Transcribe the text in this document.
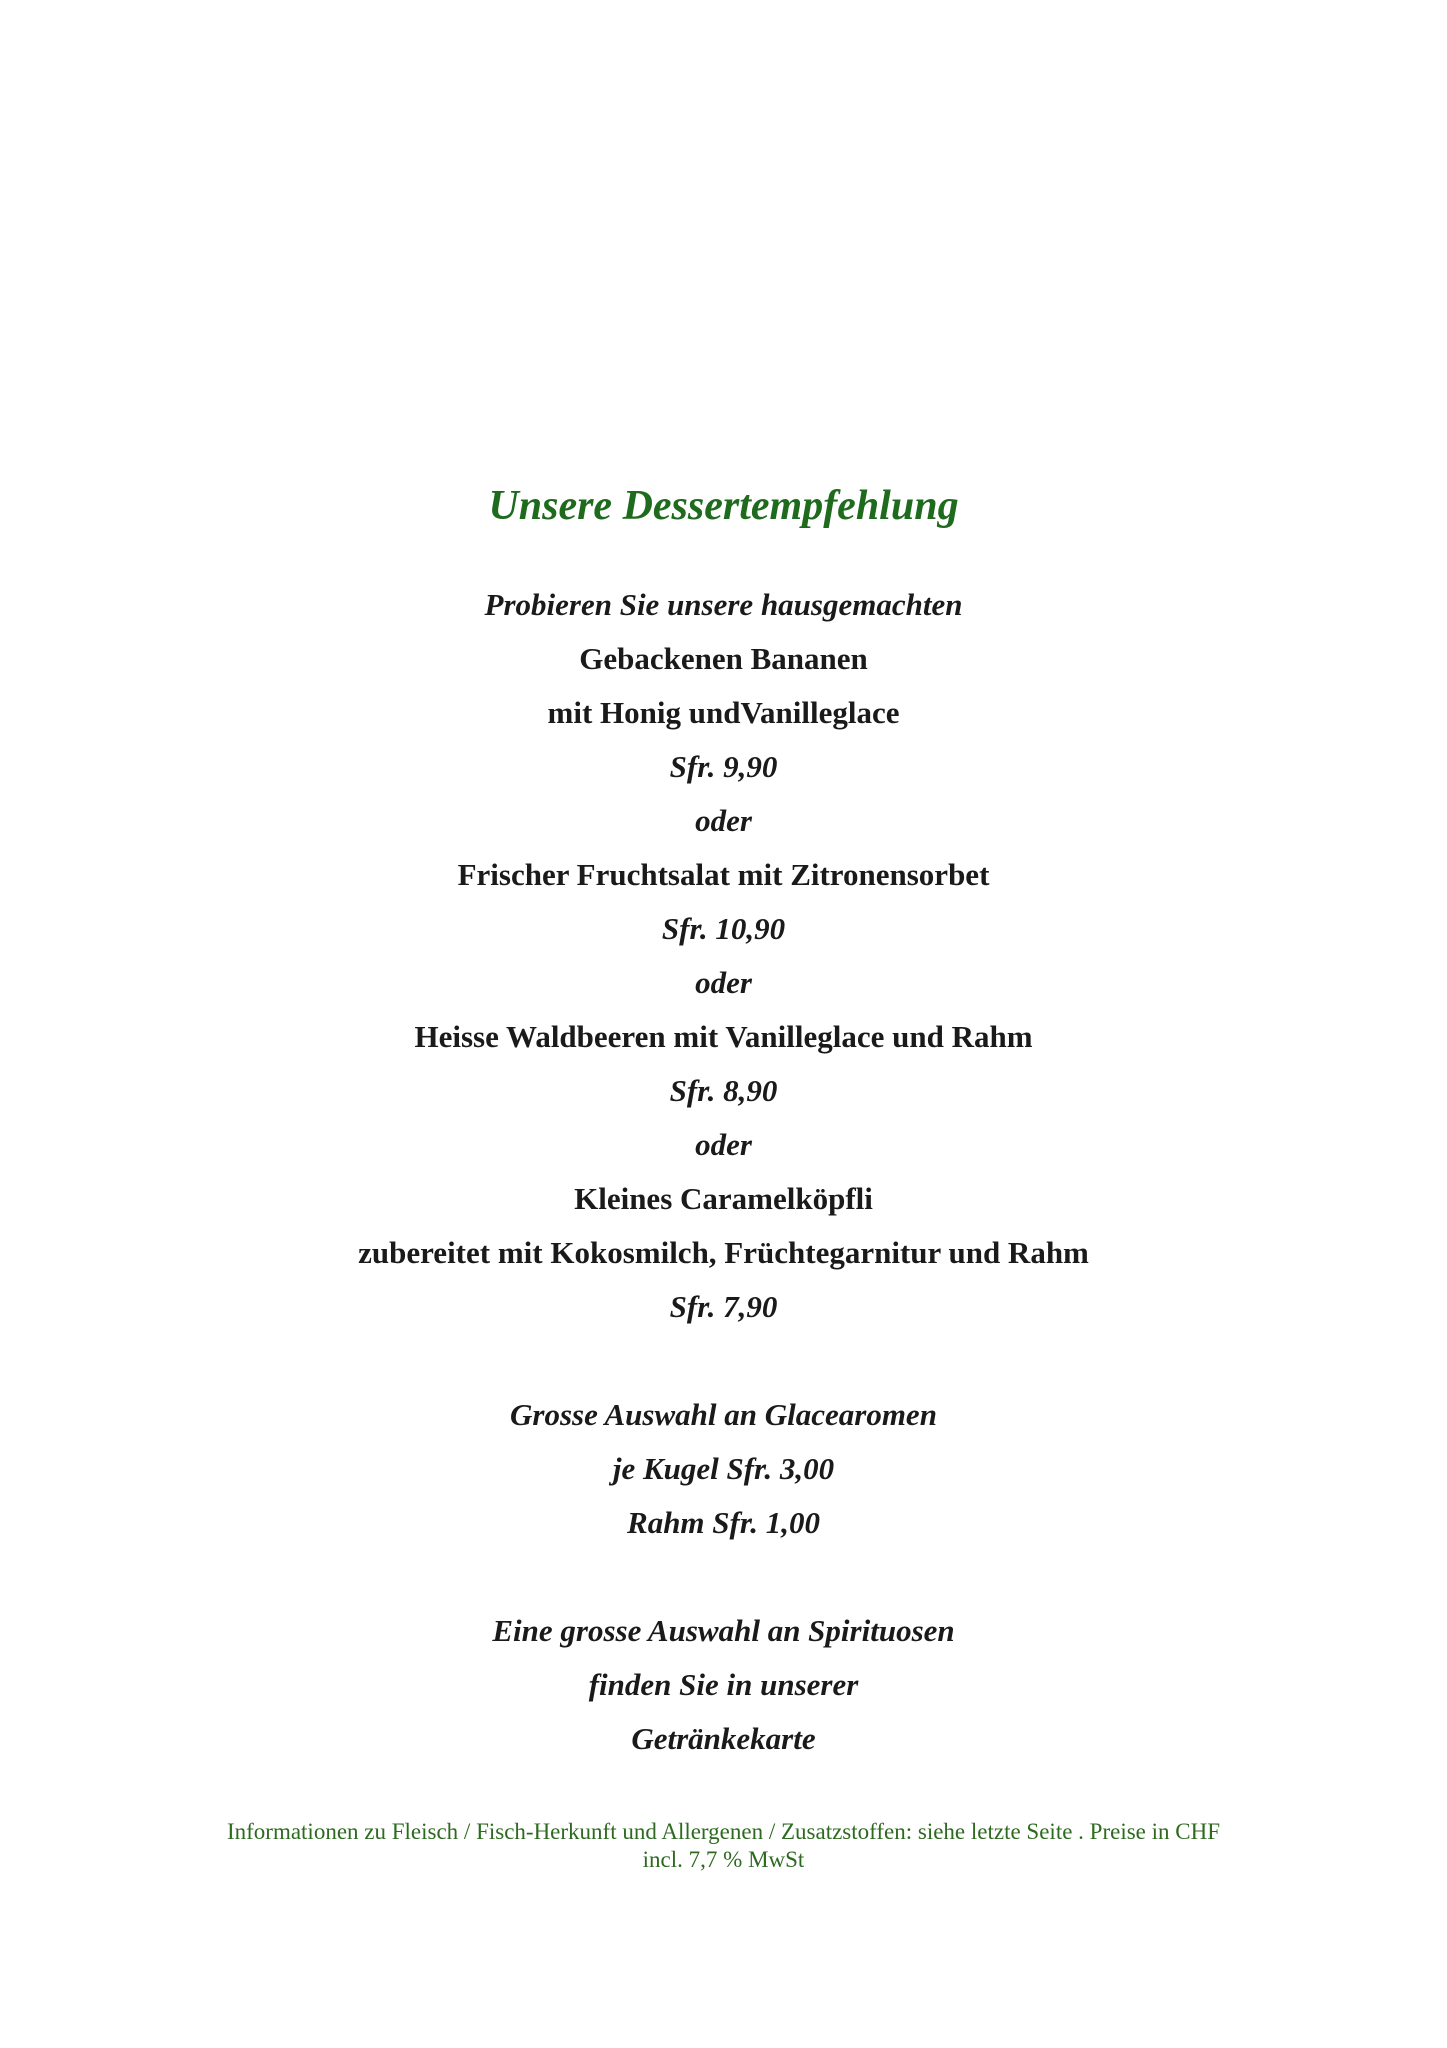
Unsere Dessertempfehlung
Probieren Sie unsere hausgemachten
Gebackenen Bananen
mit Honig undVanilleglace
Sfr. 9,90
oder
Frischer Fruchtsalat mit Zitronensorbet
Sfr. 10,90
oder
Heisse Waldbeeren mit Vanilleglace und Rahm
Sfr. 8,90
oder
Kleines Caramelköpfli
zubereitet mit Kokosmilch, Früchtegarnitur und Rahm
Sfr. 7,90
Grosse Auswahl an Glacearomen
je Kugel Sfr. 3,00
Rahm Sfr. 1,00
Eine grosse Auswahl an Spirituosen
finden Sie in unserer
Getränkekarte
Informationen zu Fleisch / Fisch-Herkunft und Allergenen / Zusatzstoffen: siehe letzte Seite . Preise in CHF
incl. 7,7 % MwSt
